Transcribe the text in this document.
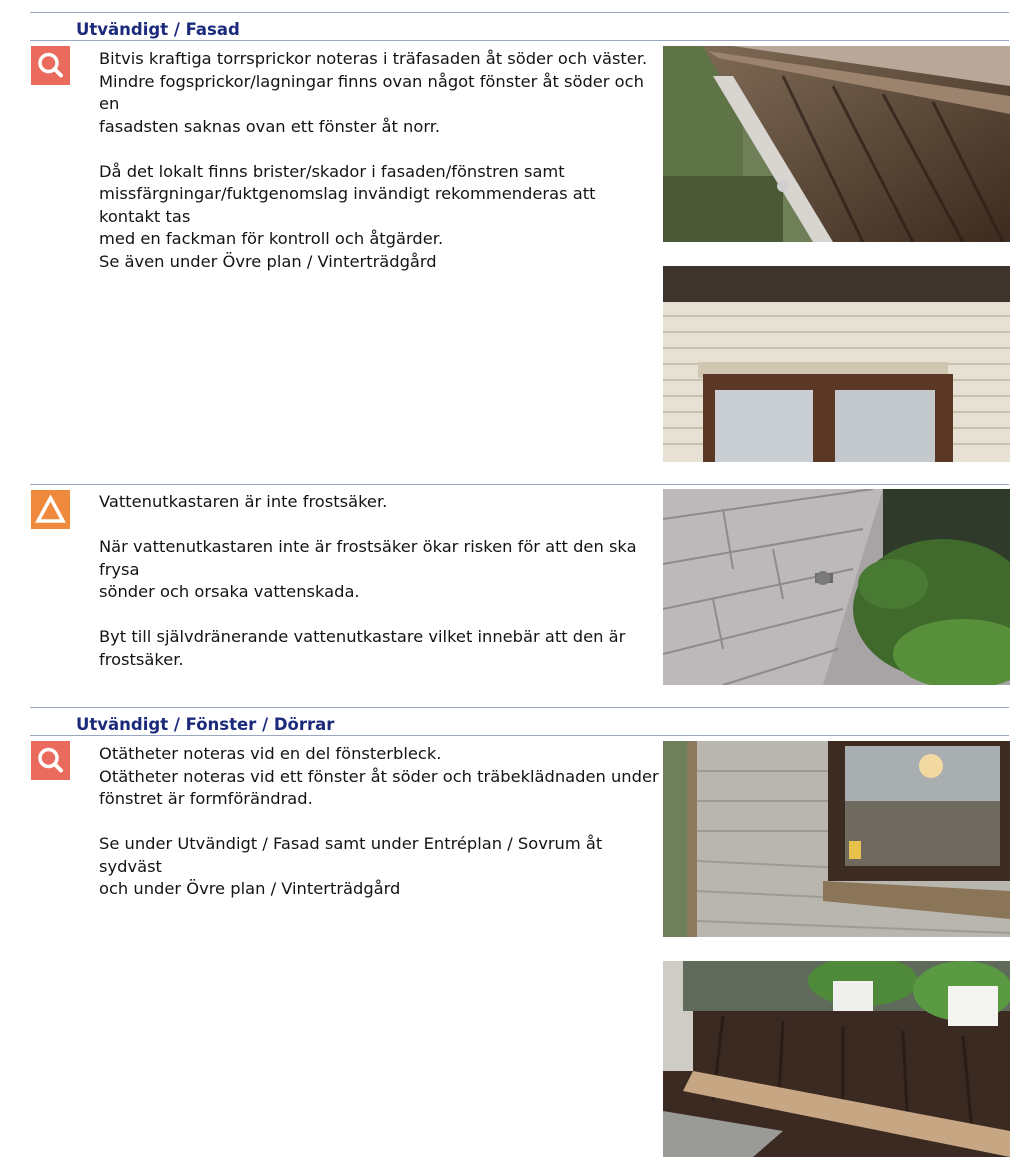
Utvändigt / Fasad

Bitvis kraftiga torrsprickor noteras i träfasaden åt söder och väster.
Mindre fogsprickor/lagningar finns ovan något fönster åt söder och en
fasadsten saknas ovan ett fönster åt norr.

Då det lokalt finns brister/skador i fasaden/fönstren samt
missfärgningar/fuktgenomslag invändigt rekommenderas att kontakt tas
med en fackman för kontroll och åtgärder.
Se även under Övre plan / Vinterträdgård

Vattenutkastaren är inte frostsäker.

När vattenutkastaren inte är frostsäker ökar risken för att den ska frysa
sönder och orsaka vattenskada.

Byt till självdränerande vattenutkastare vilket innebär att den är
frostsäker.

Utvändigt / Fönster / Dörrar

Otätheter noteras vid en del fönsterbleck.
Otätheter noteras vid ett fönster åt söder och träbeklädnaden under
fönstret är formförändrad.

Se under Utvändigt / Fasad samt under Entréplan / Sovrum åt sydväst
och under Övre plan / Vinterträdgård
